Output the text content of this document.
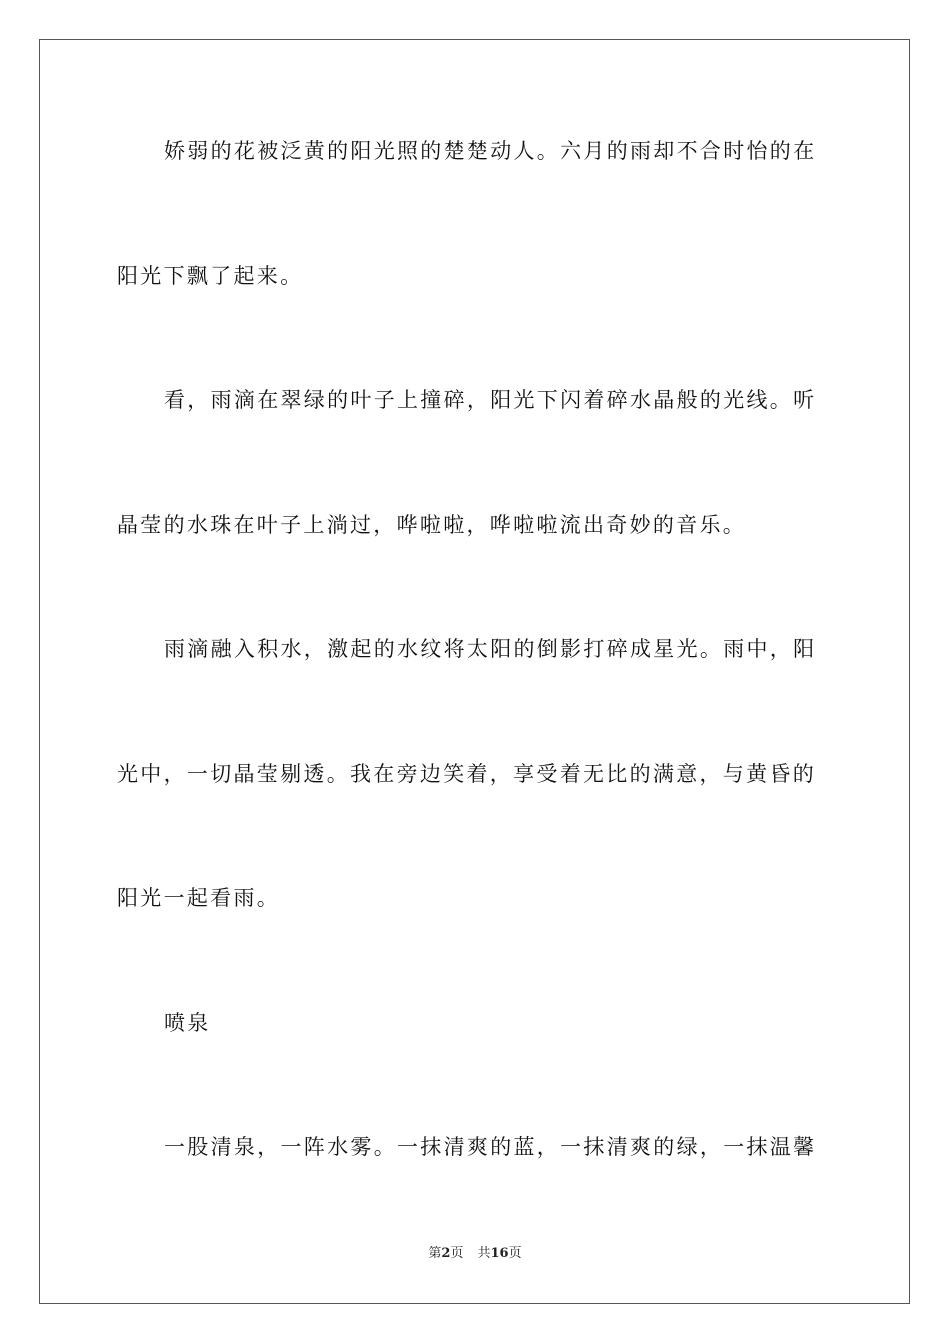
娇弱的花被泛黄的阳光照的楚楚动人。六月的雨却不合时怡的在
阳光下飘了起来。
看，雨滴在翠绿的叶子上撞碎，阳光下闪着碎水晶般的光线。听
晶莹的水珠在叶子上淌过，哗啦啦，哗啦啦流出奇妙的音乐。
雨滴融入积水，激起的水纹将太阳的倒影打碎成星光。雨中，阳
光中，一切晶莹剔透。我在旁边笑着，享受着无比的满意，与黄昏的
阳光一起看雨。
喷泉
一股清泉，一阵水雾。一抹清爽的蓝，一抹清爽的绿，一抹温馨
第2页 共16页
